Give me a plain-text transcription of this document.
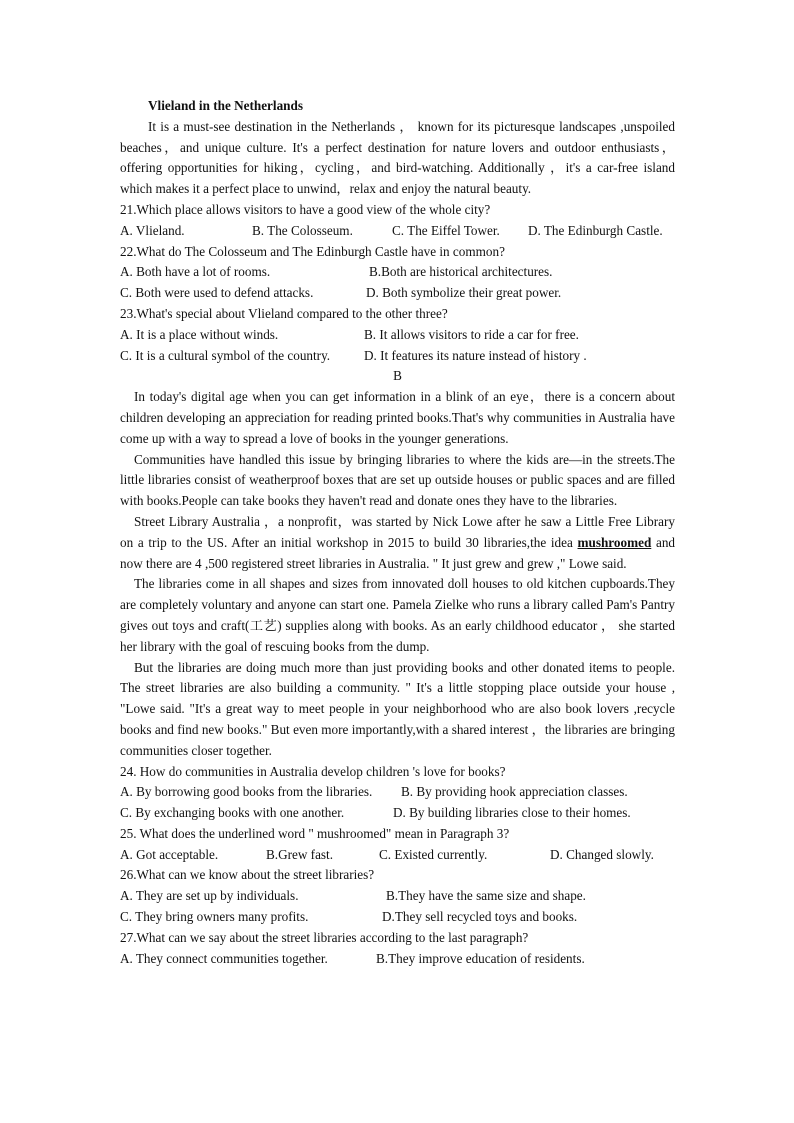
Vlieland in the Netherlands

It is a must-see destination in the Netherlands ， known for its picturesque landscapes ,unspoiled beaches，and unique culture. It's a perfect destination for nature lovers and outdoor enthusiasts，offering opportunities for hiking，cycling，and bird-watching. Additionally ，it's a car-free island which makes it a perfect place to unwind，relax and enjoy the natural beauty.

21.Which place allows visitors to have a good view of the whole city?

A. Vlieland.	B. The Colosseum.	C. The Eiffel Tower. D. The Edinburgh Castle.

22.What do The Colosseum and The Edinburgh Castle have in common?

A. Both have a lot of rooms.	B.Both are historical architectures.
C. Both were used to defend attacks.	D. Both symbolize their great power.

23.What's special about Vlieland compared to the other three?

A. It is a place without winds.	B. It allows visitors to ride a car for free.
C. It is a cultural symbol of the country.	D. It features its nature instead of history .

B

In today's digital age when you can get information in a blink of an eye，there is a concern about children developing an appreciation for reading printed books.That's why communities in Australia have come up with a way to spread a love of books in the younger generations.

Communities have handled this issue by bringing libraries to where the kids are—in the streets.The little libraries consist of weatherproof boxes that are set up outside houses or public spaces and are filled with books.People can take books they haven't read and donate ones they have to the libraries.

Street Library Australia ，a nonprofit，was started by Nick Lowe after he saw a Little Free Library on a trip to the US. After an initial workshop in 2015 to build 30 libraries,the idea mushroomed and now there are 4 ,500 registered street libraries in Australia. " It just grew and grew ," Lowe said.

The libraries come in all shapes and sizes from innovated doll houses to old kitchen cupboards.They are completely voluntary and anyone can start one. Pamela Zielke who runs a library called Pam's Pantry gives out toys and craft(工艺) supplies along with books. As an early childhood educator ， she started her library with the goal of rescuing books from the dump.

But the libraries are doing much more than just providing books and other donated items to people. The street libraries are also building a community. " It's a little stopping place outside your house , "Lowe said. "It's a great way to meet people in your neighborhood who are also book lovers ,recycle books and find new books." But even more importantly,with a shared interest ，the libraries are bringing communities closer together.

24. How do communities in Australia develop children 's love for books?

A. By borrowing good books from the libraries. B. By providing hook appreciation classes.
C. By exchanging books with one another.	D. By building libraries close to their homes.

25. What does the underlined word " mushroomed" mean in Paragraph 3?

A. Got acceptable.	B.Grew fast.	C. Existed currently.	D. Changed slowly.

26.What can we know about the street libraries?

A. They are set up by individuals.	B.They have the same size and shape.
C. They bring owners many profits.	D.They sell recycled toys and books.

27.What can we say about the street libraries according to the last paragraph?

A. They connect communities together.	B.They improve education of residents.
